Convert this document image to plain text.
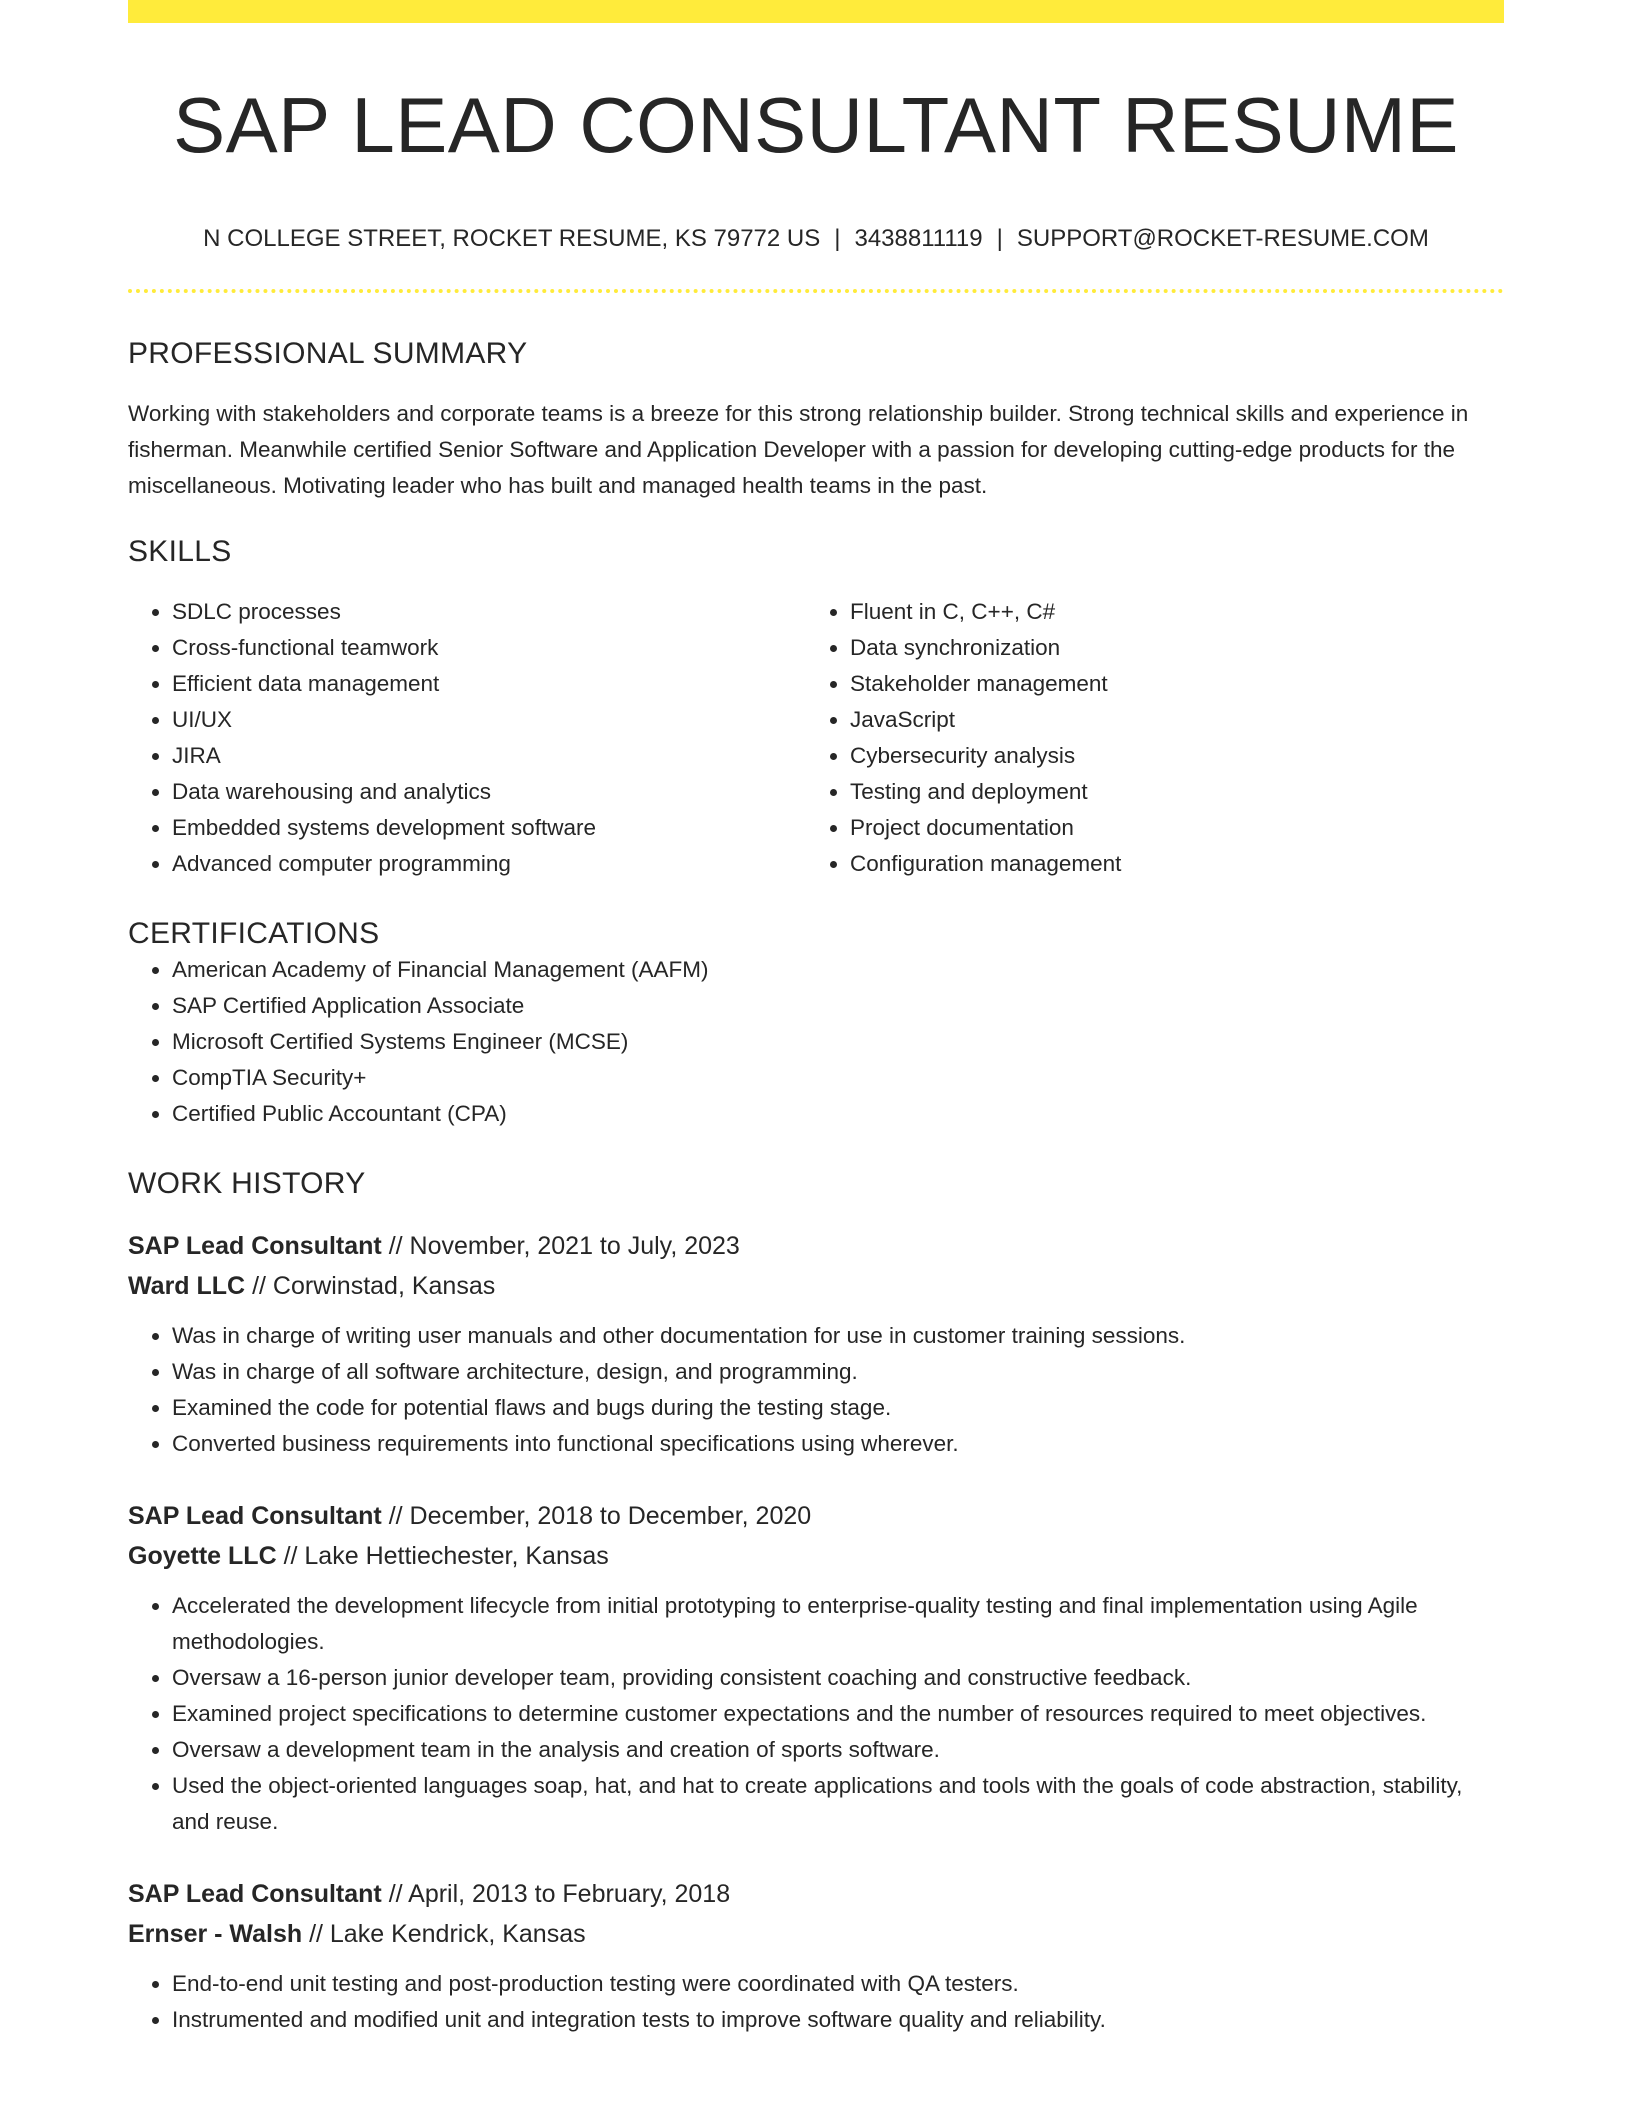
SAP LEAD CONSULTANT RESUME
N COLLEGE STREET, ROCKET RESUME, KS 79772 US | 3438811119 | SUPPORT@ROCKET-RESUME.COM
PROFESSIONAL SUMMARY
Working with stakeholders and corporate teams is a breeze for this strong relationship builder. Strong technical skills and experience in fisherman. Meanwhile certified Senior Software and Application Developer with a passion for developing cutting-edge products for the miscellaneous. Motivating leader who has built and managed health teams in the past.
SKILLS
• SDLC processes
• Cross-functional teamwork
• Efficient data management
• UI/UX
• JIRA
• Data warehousing and analytics
• Embedded systems development software
• Advanced computer programming
• Fluent in C, C++, C#
• Data synchronization
• Stakeholder management
• JavaScript
• Cybersecurity analysis
• Testing and deployment
• Project documentation
• Configuration management
CERTIFICATIONS
• American Academy of Financial Management (AAFM)
• SAP Certified Application Associate
• Microsoft Certified Systems Engineer (MCSE)
• CompTIA Security+
• Certified Public Accountant (CPA)
WORK HISTORY
SAP Lead Consultant // November, 2021 to July, 2023
Ward LLC // Corwinstad, Kansas
• Was in charge of writing user manuals and other documentation for use in customer training sessions.
• Was in charge of all software architecture, design, and programming.
• Examined the code for potential flaws and bugs during the testing stage.
• Converted business requirements into functional specifications using wherever.
SAP Lead Consultant // December, 2018 to December, 2020
Goyette LLC // Lake Hettiechester, Kansas
• Accelerated the development lifecycle from initial prototyping to enterprise-quality testing and final implementation using Agile methodologies.
• Oversaw a 16-person junior developer team, providing consistent coaching and constructive feedback.
• Examined project specifications to determine customer expectations and the number of resources required to meet objectives.
• Oversaw a development team in the analysis and creation of sports software.
• Used the object-oriented languages soap, hat, and hat to create applications and tools with the goals of code abstraction, stability, and reuse.
SAP Lead Consultant // April, 2013 to February, 2018
Ernser - Walsh // Lake Kendrick, Kansas
• End-to-end unit testing and post-production testing were coordinated with QA testers.
• Instrumented and modified unit and integration tests to improve software quality and reliability.
